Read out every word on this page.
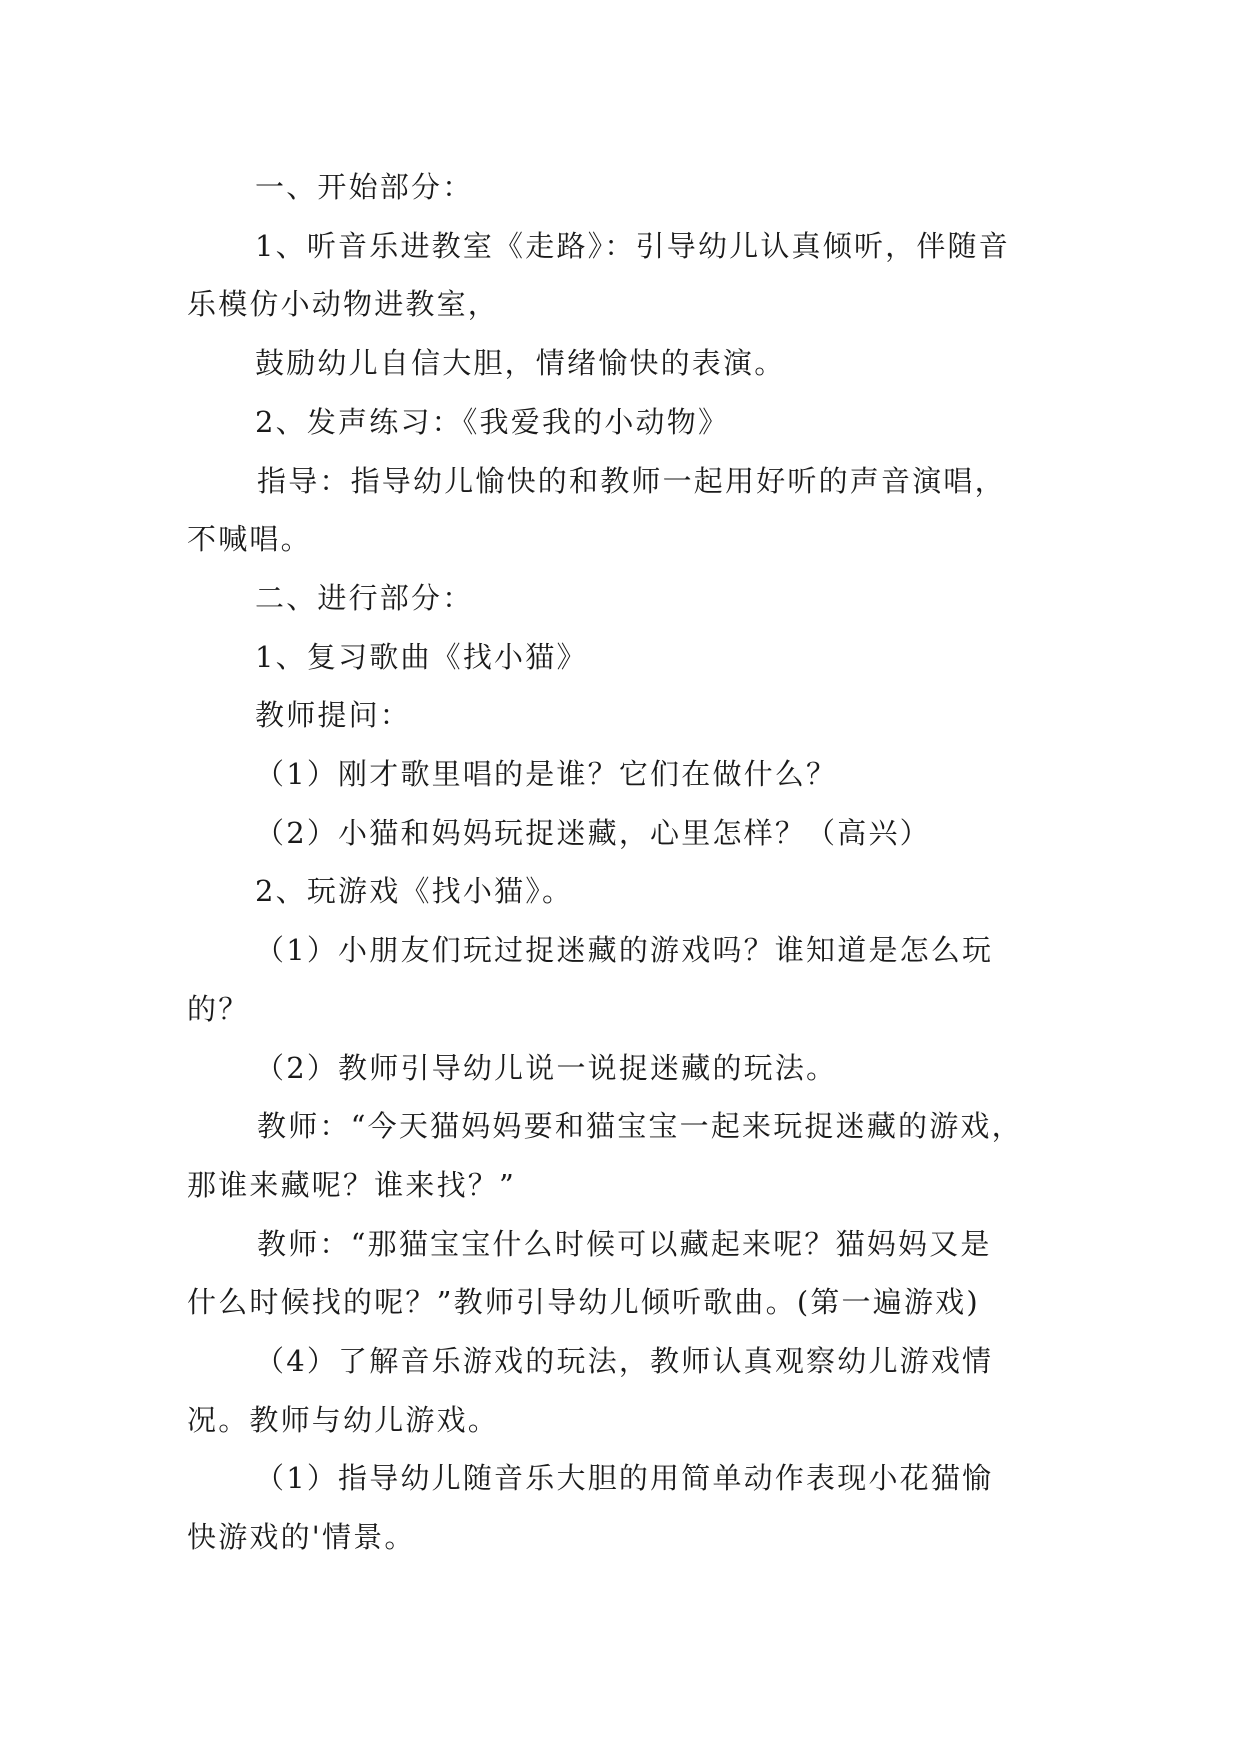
一、开始部分：

1、听音乐进教室《走路》：引导幼儿认真倾听，伴随音

乐模仿小动物进教室，

鼓励幼儿自信大胆，情绪愉快的表演。

2、发声练习：《我爱我的小动物》

指导：指导幼儿愉快的和教师一起用好听的声音演唱，

不喊唱。

二、进行部分：

1、复习歌曲《找小猫》

教师提问：

（1）刚才歌里唱的是谁？它们在做什么？

（2）小猫和妈妈玩捉迷藏，心里怎样？（高兴）

2、玩游戏《找小猫》。

（1）小朋友们玩过捉迷藏的游戏吗？谁知道是怎么玩

的？

（2）教师引导幼儿说一说捉迷藏的玩法。

教师：“今天猫妈妈要和猫宝宝一起来玩捉迷藏的游戏，

那谁来藏呢？谁来找？”

教师：“那猫宝宝什么时候可以藏起来呢？猫妈妈又是

什么时候找的呢？”教师引导幼儿倾听歌曲。(第一遍游戏)

（4）了解音乐游戏的玩法，教师认真观察幼儿游戏情

况。教师与幼儿游戏。

（1）指导幼儿随音乐大胆的用简单动作表现小花猫愉

快游戏的'情景。
